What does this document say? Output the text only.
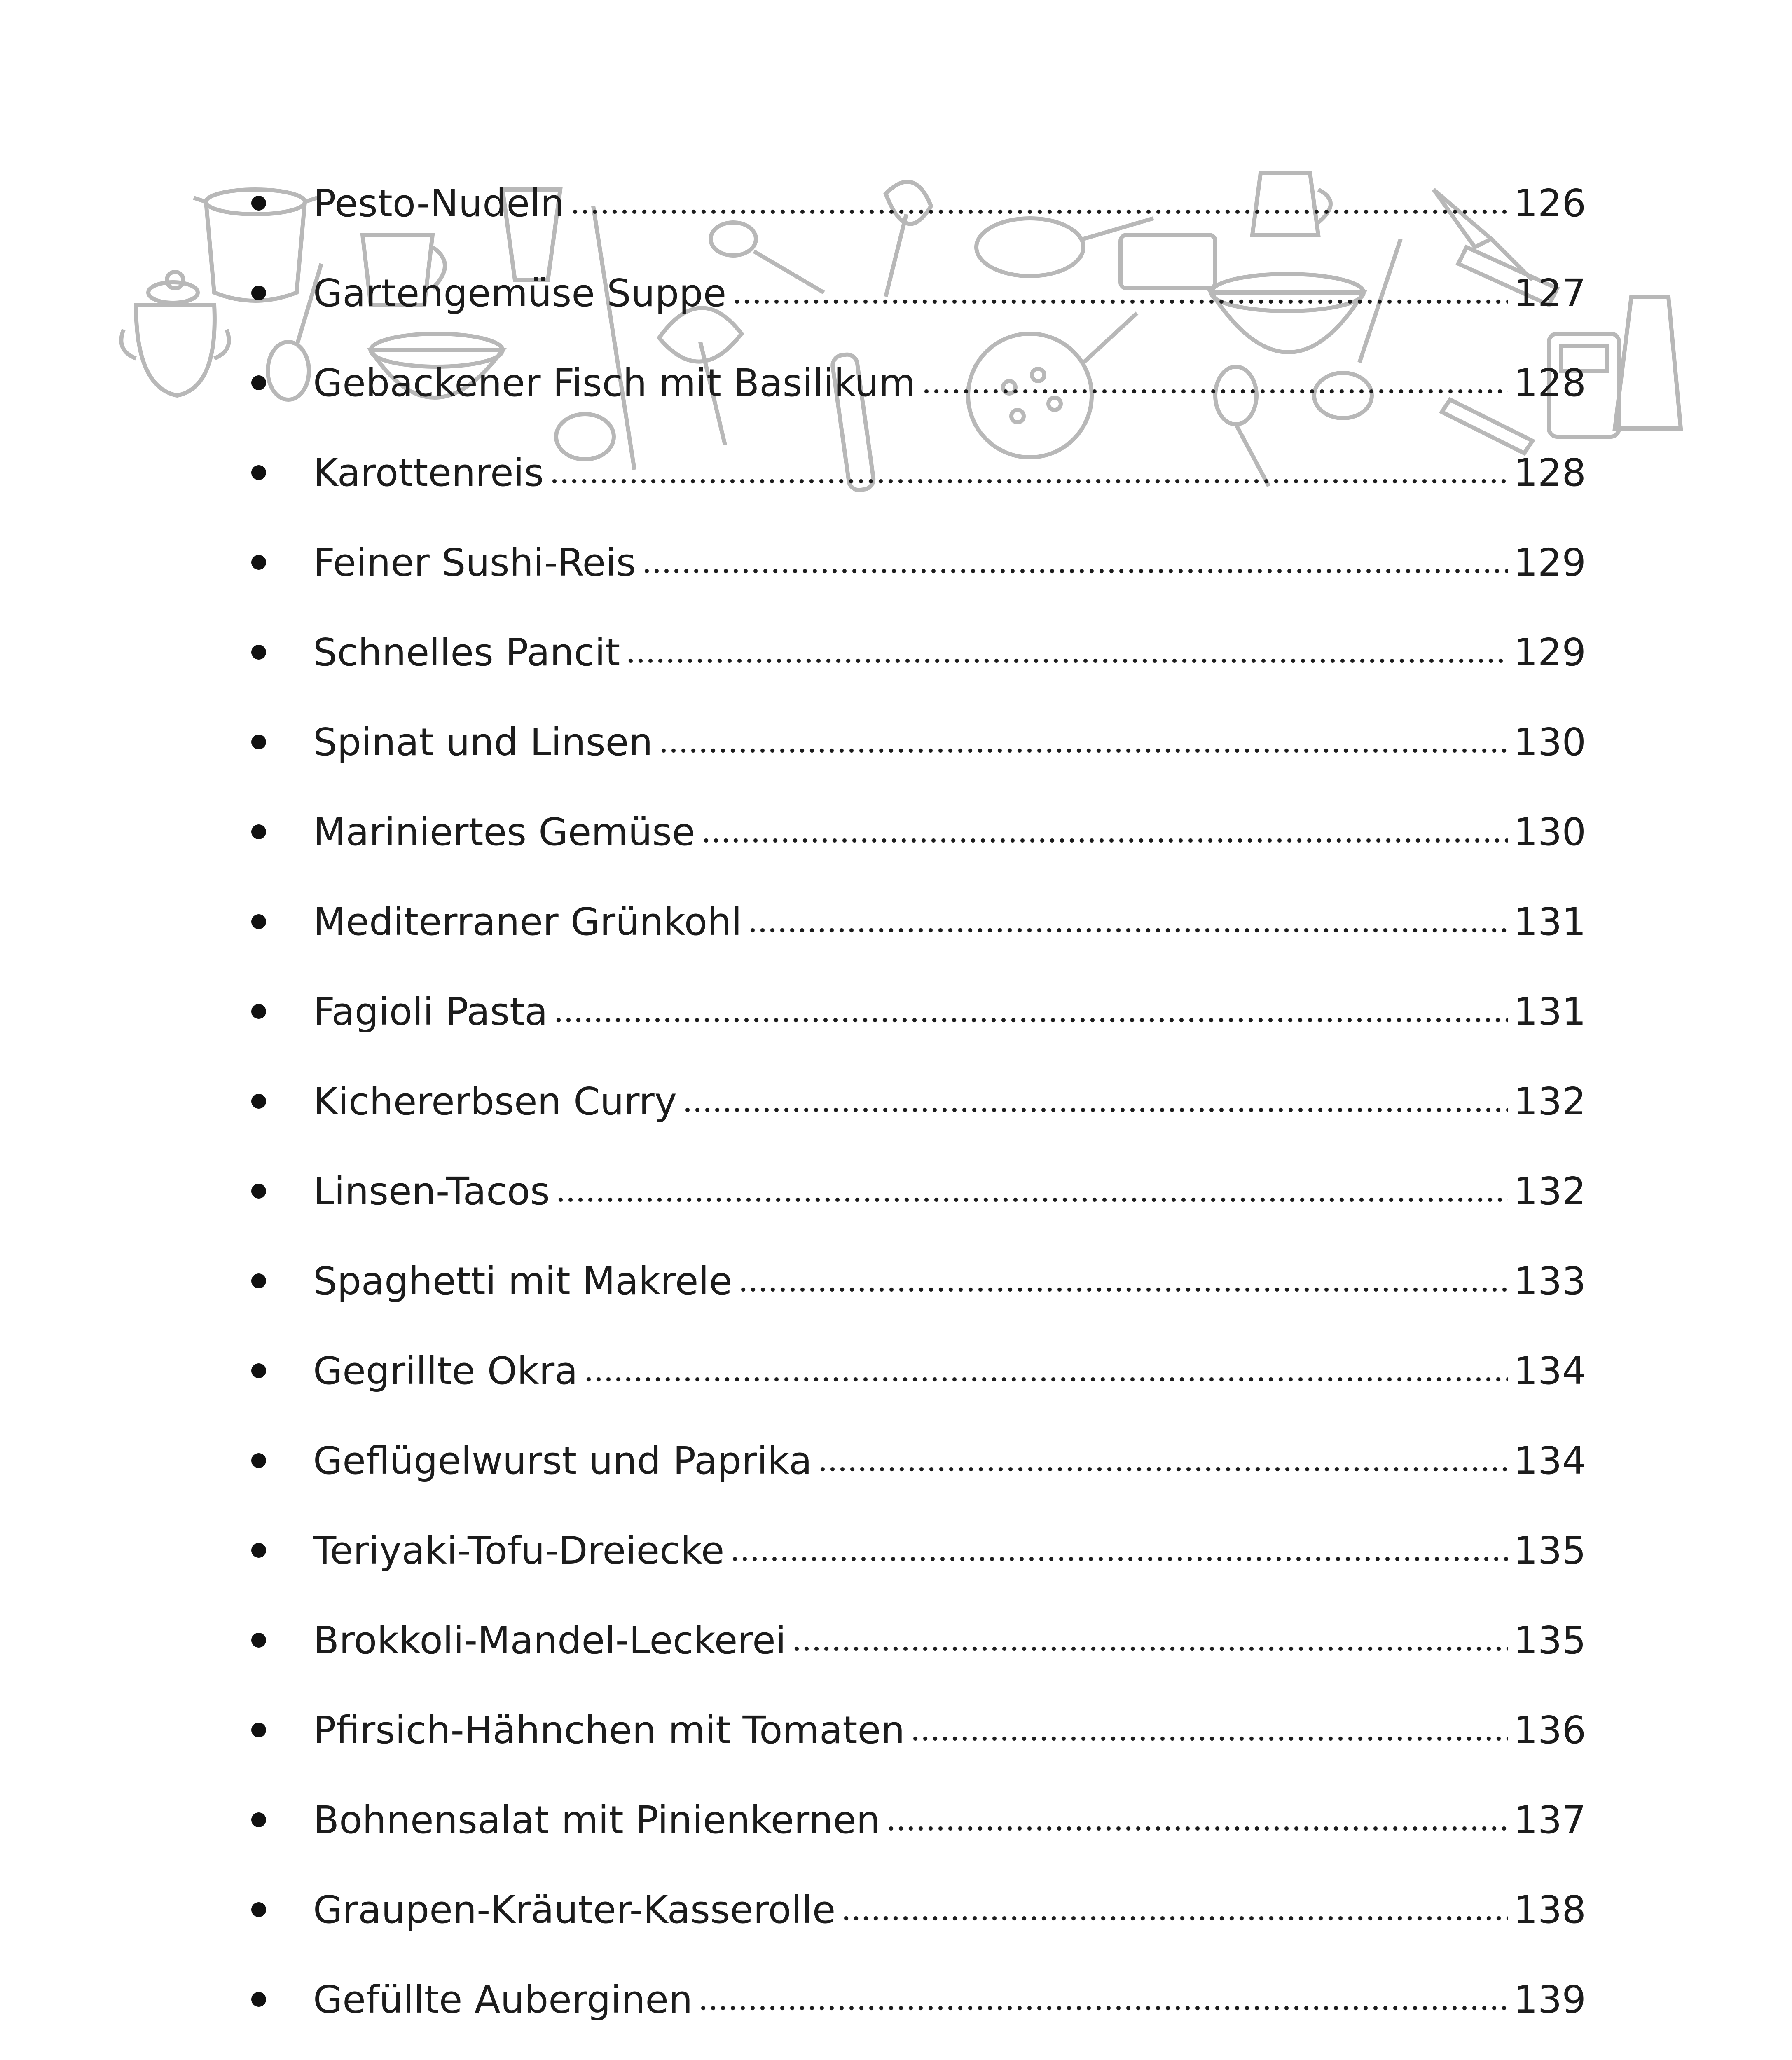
Pesto-Nudeln	126
Gartengemüse Suppe	127
Gebackener Fisch mit Basilikum	128
Karottenreis	128
Feiner Sushi-Reis	129
Schnelles Pancit	129
Spinat und Linsen	130
Mariniertes Gemüse	130
Mediterraner Grünkohl	131
Fagioli Pasta	131
Kichererbsen Curry	132
Linsen-Tacos	132
Spaghetti mit Makrele	133
Gegrillte Okra	134
Geflügelwurst und Paprika	134
Teriyaki-Tofu-Dreiecke	135
Brokkoli-Mandel-Leckerei	135
Pfirsich-Hähnchen mit Tomaten	136
Bohnensalat mit Pinienkernen	137
Graupen-Kräuter-Kasserolle	138
Gefüllte Auberginen	139
